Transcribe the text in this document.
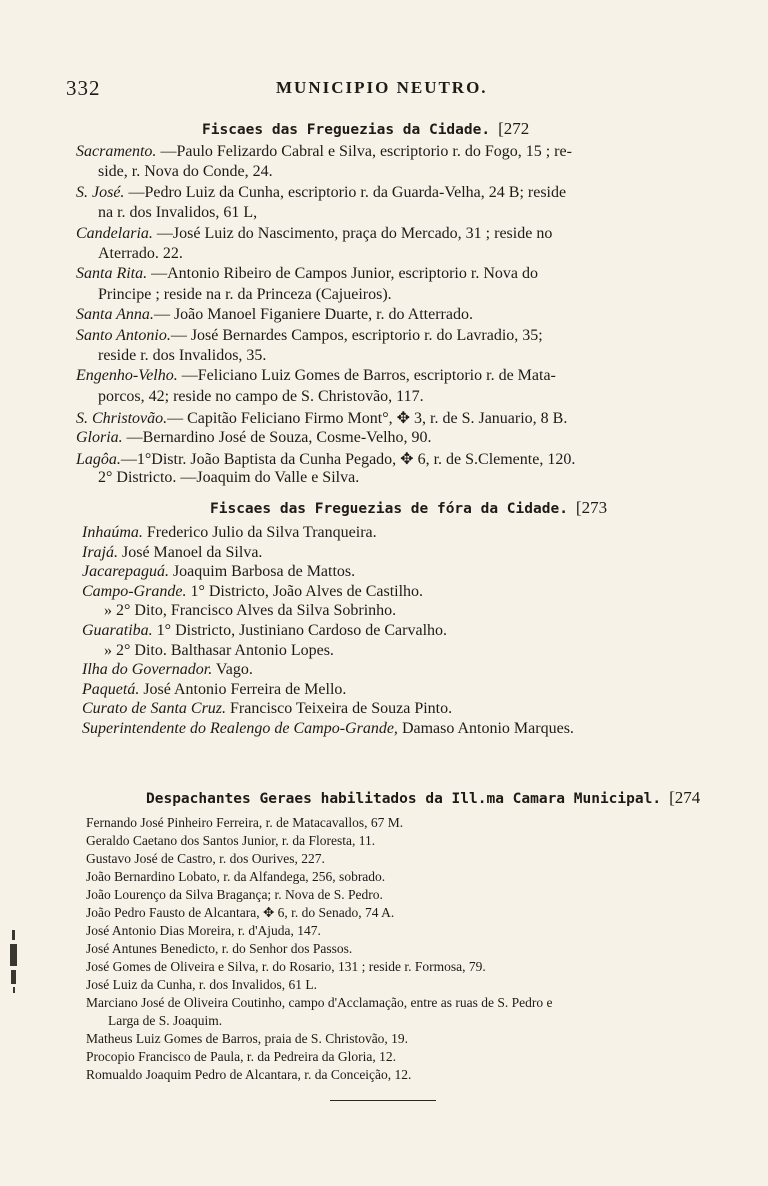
332	MUNICIPIO NEUTRO.
Fiscaes das Freguezias da Cidade. [272
Sacramento. —Paulo Felizardo Cabral e Silva, escriptorio r. do Fogo, 15 ; re-
side, r. Nova do Conde, 24.
S. José. —Pedro Luiz da Cunha, escriptorio r. da Guarda-Velha, 24 B; reside
na r. dos Invalidos, 61 L,
Candelaria. —José Luiz do Nascimento, praça do Mercado, 31 ; reside no
Aterrado. 22.
Santa Rita. —Antonio Ribeiro de Campos Junior, escriptorio r. Nova do
Principe ; reside na r. da Princeza (Cajueiros).
Santa Anna.— João Manoel Figaniere Duarte, r. do Atterrado.
Santo Antonio.— José Bernardes Campos, escriptorio r. do Lavradio, 35;
reside r. dos Invalidos, 35.
Engenho-Velho. —Feliciano Luiz Gomes de Barros, escriptorio r. de Mata-
porcos, 42; reside no campo de S. Christovão, 117.
S. Christovão.— Capitão Feliciano Firmo Mont°, ✥ 3, r. de S. Januario, 8 B.
Gloria. —Bernardino José de Souza, Cosme-Velho, 90.
Lagôa.—1°Distr. João Baptista da Cunha Pegado, ✥ 6, r. de S.Clemente, 120.
2° Districto. —Joaquim do Valle e Silva.
Fiscaes das Freguezias de fóra da Cidade. [273
Inhaúma. Frederico Julio da Silva Tranqueira.
Irajá. José Manoel da Silva.
Jacarepaguá. Joaquim Barbosa de Mattos.
Campo-Grande. 1° Districto, João Alves de Castilho.
» 2° Dito, Francisco Alves da Silva Sobrinho.
Guaratiba. 1° Districto, Justiniano Cardoso de Carvalho.
» 2° Dito. Balthasar Antonio Lopes.
Ilha do Governador. Vago.
Paquetá. José Antonio Ferreira de Mello.
Curato de Santa Cruz. Francisco Teixeira de Souza Pinto.
Superintendente do Realengo de Campo-Grande, Damaso Antonio Marques.
Despachantes Geraes habilitados da Ill.ma Camara Municipal. [274
Fernando José Pinheiro Ferreira, r. de Matacavallos, 67 M.
Geraldo Caetano dos Santos Junior, r. da Floresta, 11.
Gustavo José de Castro, r. dos Ourives, 227.
João Bernardino Lobato, r. da Alfandega, 256, sobrado.
João Lourenço da Silva Bragança; r. Nova de S. Pedro.
João Pedro Fausto de Alcantara, ✥ 6, r. do Senado, 74 A.
José Antonio Dias Moreira, r. d'Ajuda, 147.
José Antunes Benedicto, r. do Senhor dos Passos.
José Gomes de Oliveira e Silva, r. do Rosario, 131 ; reside r. Formosa, 79.
José Luiz da Cunha, r. dos Invalidos, 61 L.
Marciano José de Oliveira Coutinho, campo d'Acclamação, entre as ruas de S. Pedro e
Larga de S. Joaquim.
Matheus Luiz Gomes de Barros, praia de S. Christovão, 19.
Procopio Francisco de Paula, r. da Pedreira da Gloria, 12.
Romualdo Joaquim Pedro de Alcantara, r. da Conceição, 12.
